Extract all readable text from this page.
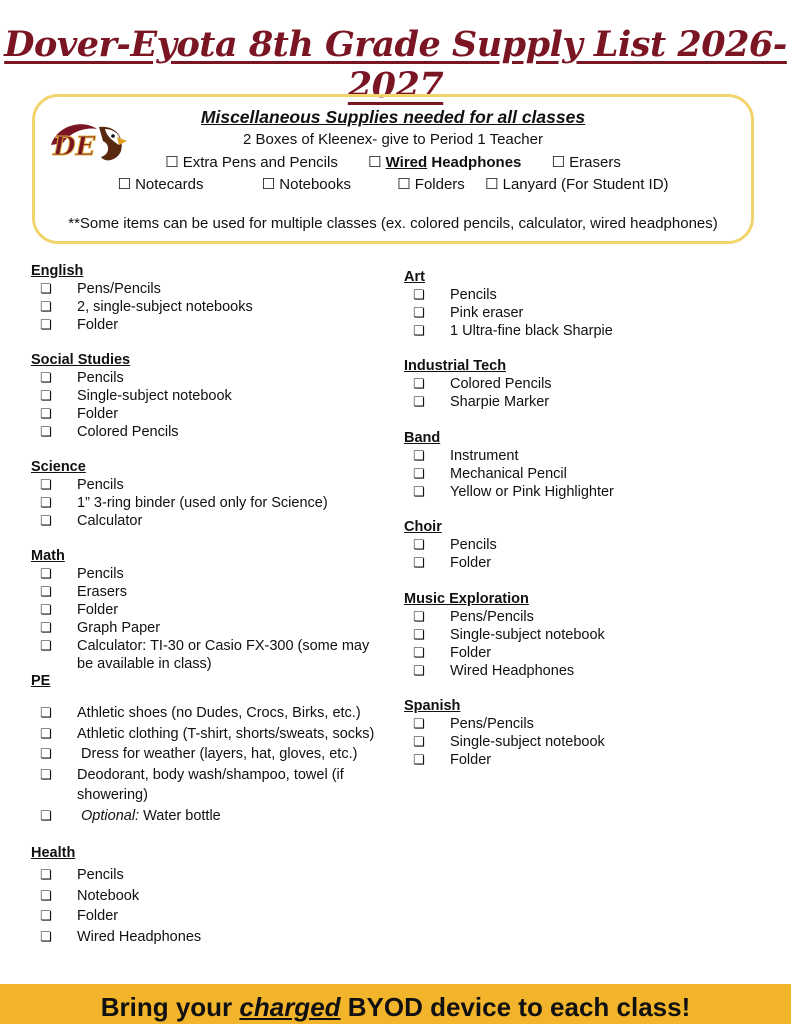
Dover-Eyota 8th Grade Supply List 2026-2027
DE
Miscellaneous Supplies needed for all classes
2 Boxes of Kleenex- give to Period 1 Teacher
☐ Extra Pens and Pencils ☐ Wired Headphones ☐ Erasers
☐ Notecards	☐ Notebooks	☐ Folders ☐ Lanyard (For Student ID)
**Some items can be used for multiple classes (ex. colored pencils, calculator, wired headphones)
English
❏ Pens/Pencils
❏ 2, single-subject notebooks
❏ Folder
Social Studies
❏ Pencils
❏ Single-subject notebook
❏ Folder
❏ Colored Pencils
Science
❏ Pencils
❏ 1” 3-ring binder (used only for Science)
❏ Calculator
Math
❏ Pencils
❏ Erasers
❏ Folder
❏ Graph Paper
❏ Calculator: TI-30 or Casio FX-300 (some may be available in class)
PE
❏ Athletic shoes (no Dudes, Crocs, Birks, etc.)
❏ Athletic clothing (T-shirt, shorts/sweats, socks)
❏ Dress for weather (layers, hat, gloves, etc.)
❏ Deodorant, body wash/shampoo, towel (if showering)
❏ Optional: Water bottle
Health
❏ Pencils
❏ Notebook
❏ Folder
❏ Wired Headphones
Art
❏ Pencils
❏ Pink eraser
❏ 1 Ultra-fine black Sharpie
Industrial Tech
❏ Colored Pencils
❏ Sharpie Marker
Band
❏ Instrument
❏ Mechanical Pencil
❏ Yellow or Pink Highlighter
Choir
❏ Pencils
❏ Folder
Music Exploration
❏ Pens/Pencils
❏ Single-subject notebook
❏ Folder
❏ Wired Headphones
Spanish
❏ Pens/Pencils
❏ Single-subject notebook
❏ Folder
Bring your charged BYOD device to each class!
